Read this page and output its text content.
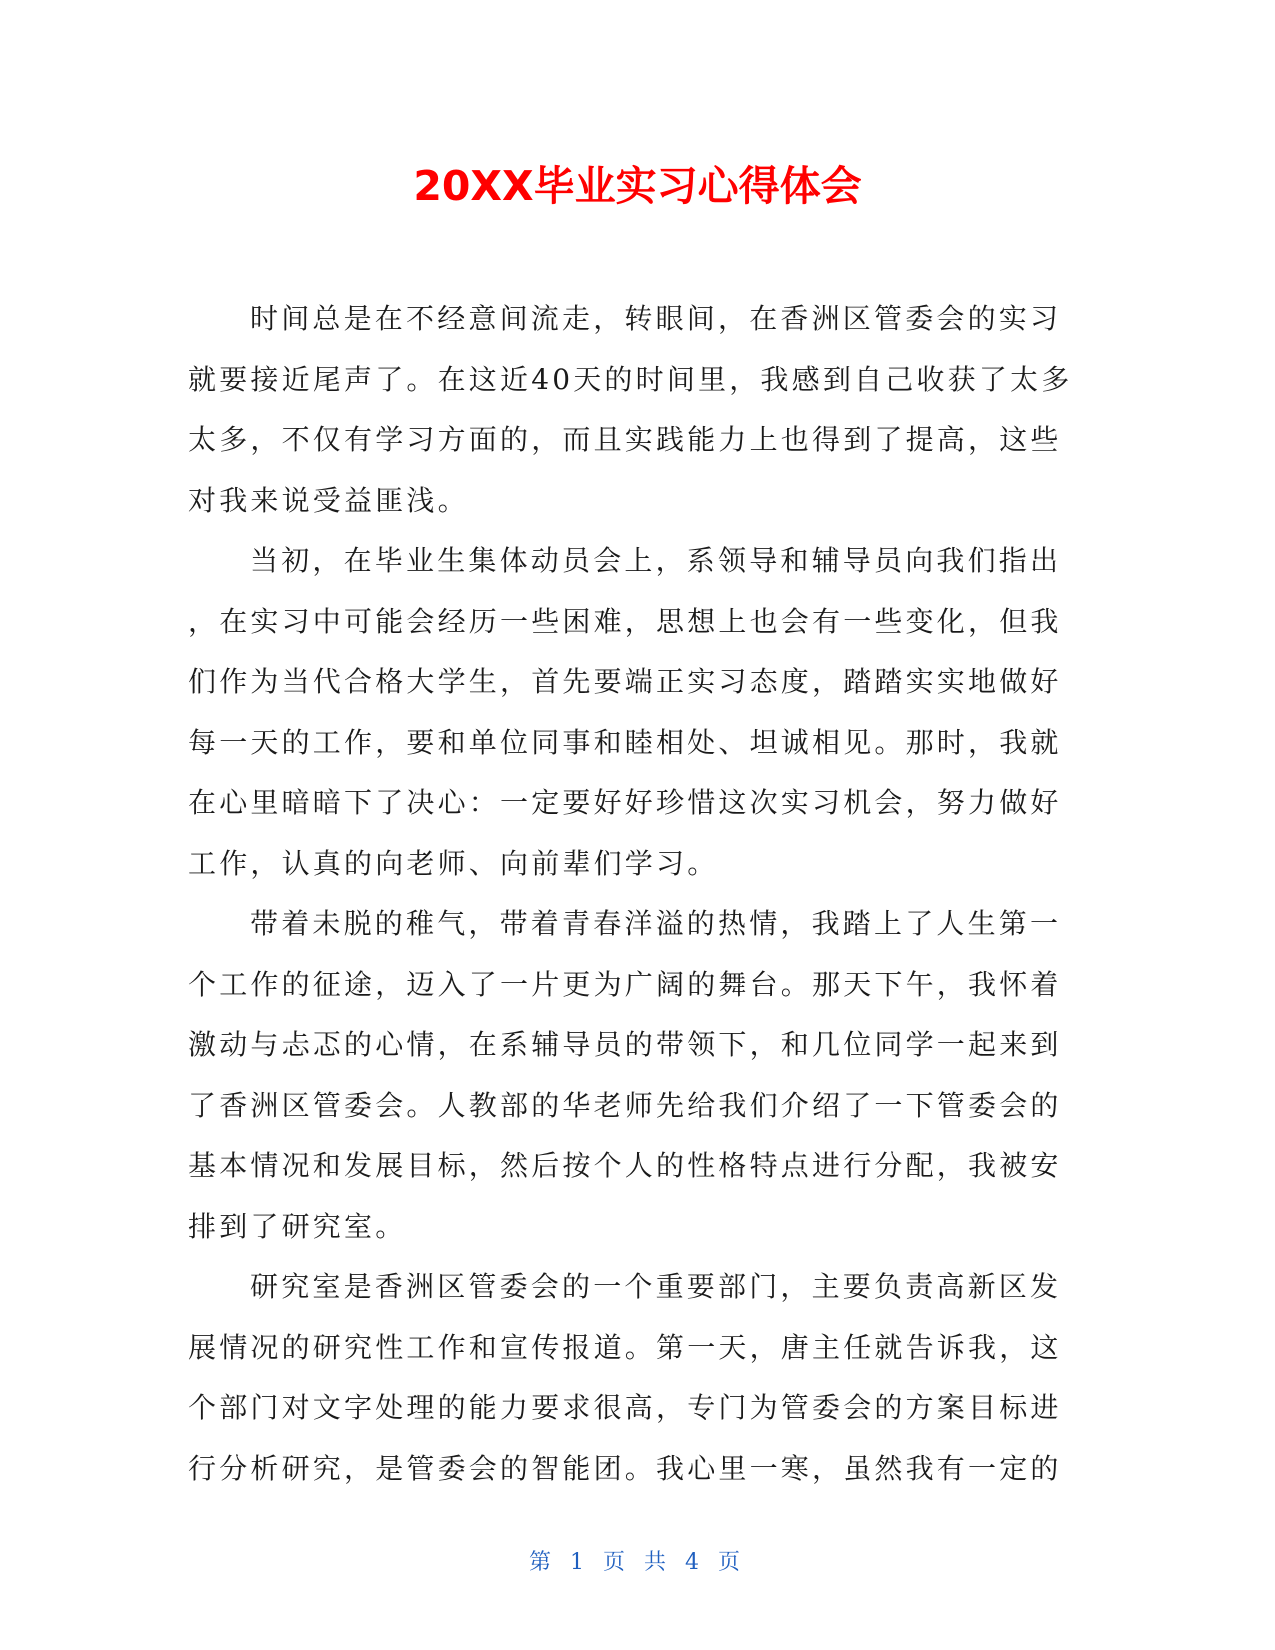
20XX毕业实习心得体会
时间总是在不经意间流走，转眼间，在香洲区管委会的实习
就要接近尾声了。在这近40天的时间里，我感到自己收获了太多
太多，不仅有学习方面的，而且实践能力上也得到了提高，这些
对我来说受益匪浅。
当初，在毕业生集体动员会上，系领导和辅导员向我们指出
，在实习中可能会经历一些困难，思想上也会有一些变化，但我
们作为当代合格大学生，首先要端正实习态度，踏踏实实地做好
每一天的工作，要和单位同事和睦相处、坦诚相见。那时，我就
在心里暗暗下了决心：一定要好好珍惜这次实习机会，努力做好
工作，认真的向老师、向前辈们学习。
带着未脱的稚气，带着青春洋溢的热情，我踏上了人生第一
个工作的征途，迈入了一片更为广阔的舞台。那天下午，我怀着
激动与忐忑的心情，在系辅导员的带领下，和几位同学一起来到
了香洲区管委会。人教部的华老师先给我们介绍了一下管委会的
基本情况和发展目标，然后按个人的性格特点进行分配，我被安
排到了研究室。
研究室是香洲区管委会的一个重要部门，主要负责高新区发
展情况的研究性工作和宣传报道。第一天，唐主任就告诉我，这
个部门对文字处理的能力要求很高，专门为管委会的方案目标进
行分析研究，是管委会的智能团。我心里一寒，虽然我有一定的
第 1 页 共 4 页
